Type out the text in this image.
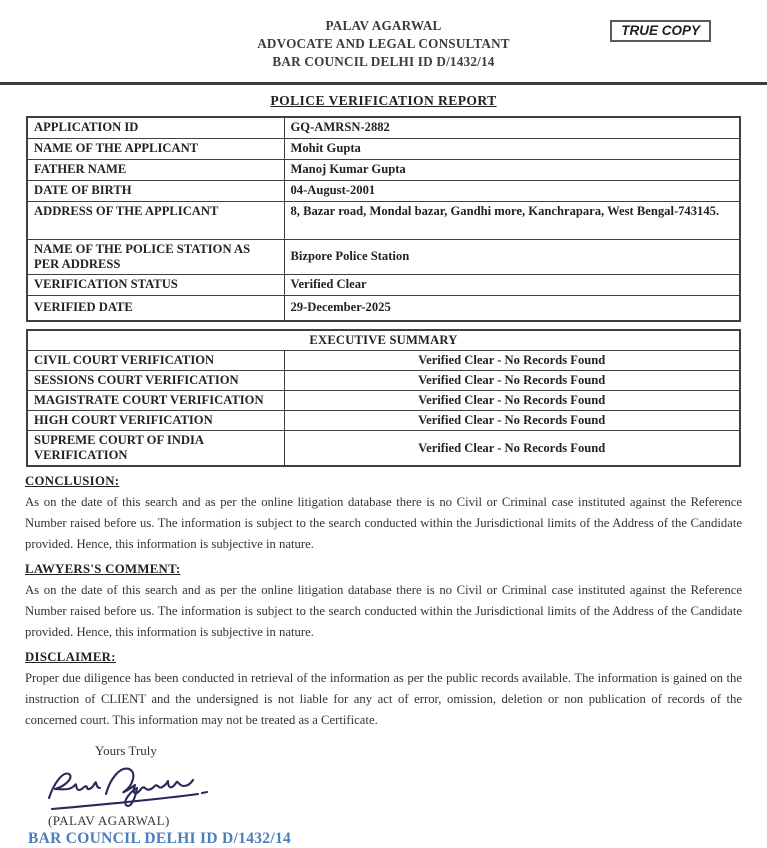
PALAV AGARWAL
ADVOCATE AND LEGAL CONSULTANT
BAR COUNCIL DELHI ID D/1432/14
TRUE COPY
POLICE VERIFICATION REPORT
APPLICATION ID	GQ-AMRSN-2882
NAME OF THE APPLICANT	Mohit Gupta
FATHER NAME	Manoj Kumar Gupta
DATE OF BIRTH	04-August-2001
ADDRESS OF THE APPLICANT	8, Bazar road, Mondal bazar, Gandhi more, Kanchrapara, West Bengal-743145.
NAME OF THE POLICE STATION AS PER ADDRESS	Bizpore Police Station
VERIFICATION STATUS	Verified Clear
VERIFIED DATE	29-December-2025
EXECUTIVE SUMMARY	
CIVIL COURT VERIFICATION	Verified Clear - No Records Found
SESSIONS COURT VERIFICATION	Verified Clear - No Records Found
MAGISTRATE COURT VERIFICATION	Verified Clear - No Records Found
HIGH COURT VERIFICATION	Verified Clear - No Records Found
SUPREME COURT OF INDIA VERIFICATION	Verified Clear - No Records Found
CONCLUSION:
As on the date of this search and as per the online litigation database there is no Civil or Criminal case instituted against the Reference Number raised before us. The information is subject to the search conducted within the Jurisdictional limits of the Address of the Candidate provided. Hence, this information is subjective in nature.
LAWYERS'S COMMENT:
As on the date of this search and as per the online litigation database there is no Civil or Criminal case instituted against the Reference Number raised before us. The information is subject to the search conducted within the Jurisdictional limits of the Address of the Candidate provided. Hence, this information is subjective in nature.
DISCLAIMER:
Proper due diligence has been conducted in retrieval of the information as per the public records available. The information is gained on the instruction of CLIENT and the undersigned is not liable for any act of error, omission, deletion or non publication of records of the concerned court. This information may not be treated as a Certificate.
Yours Truly
(PALAV AGARWAL)
BAR COUNCIL DELHI ID D/1432/14
